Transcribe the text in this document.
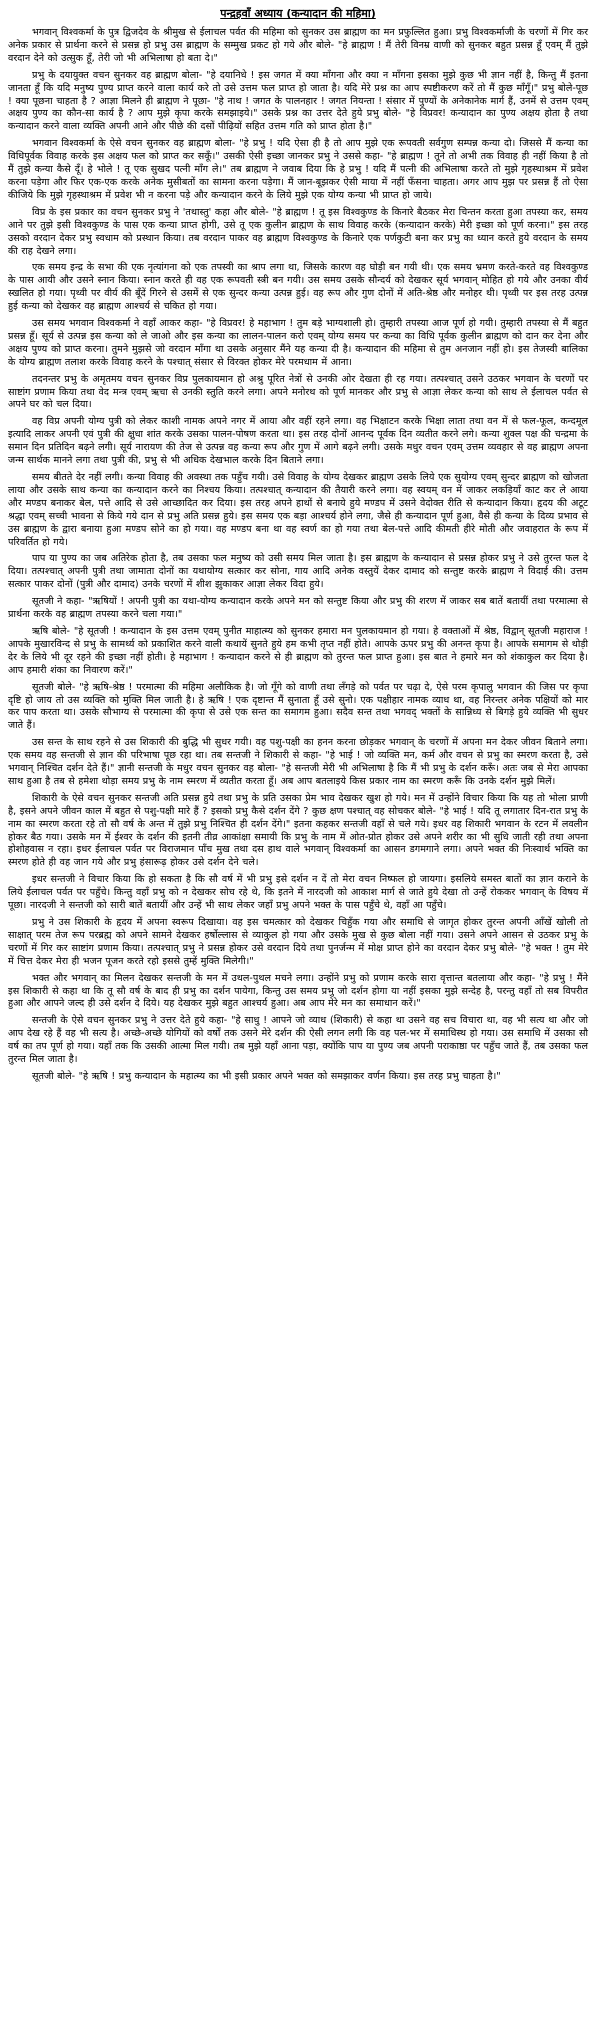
पन्द्रहवाँ अध्याय (कन्यादान की महिमा)

भगवान् विश्वकर्मा के पुत्र द्विजदेव के श्रीमुख से ईलाचल पर्वत की महिमा को सुनकर उस ब्राह्मण का मन प्रफुल्लित हुआ। प्रभु विश्वकर्माजी के चरणों में गिर कर अनेक प्रकार से प्रार्थना करने से प्रसन्न हो प्रभु उस ब्राह्मण के सम्मुख प्रकट हो गये और बोले- "हे ब्राह्मण ! मैं तेरी विनम्र वाणी को सुनकर बहुत प्रसन्न हूँ एवम् मैं तुझे वरदान देने को उत्सुक हूँ, तेरी जो भी अभिलाषा हो बता दे।"

प्रभु के दयायुक्त वचन सुनकर वह ब्राह्मण बोला- "हे दयानिधे ! इस जगत में क्या माँगना और क्या न माँगना इसका मुझे कुछ भी ज्ञान नहीं है, किन्तु मैं इतना जानता हूँ कि यदि मनुष्य पुण्य प्राप्त करने वाला कार्य करे तो उसे उत्तम फल प्राप्त हो जाता है। यदि मेरे प्रश्न का आप स्पष्टीकरण करें तो मैं कुछ माँगूँ।" प्रभु बोले-पूछ ! क्या पूछना चाहता है ? आज्ञा मिलने ही ब्राह्मण ने पूछा- "हे नाथ ! जगत के पालनहार ! जगत नियन्ता ! संसार में पुण्यों के अनेकानेक मार्ग हैं, उनमें से उत्तम एवम् अक्षय पुण्य का कौन-सा कार्य है ? आप मुझे कृपा करके समझाइये।" उसके प्रश्न का उत्तर देते हुये प्रभु बोले- "हे विप्रवर! कन्यादान का पुण्य अक्षय होता है तथा कन्यादान करने वाला व्यक्ति अपनी आने और पीछे की दसों पीढ़ियों सहित उत्तम गति को प्राप्त होता है।"

भगवान विश्वकर्मा के ऐसे वचन सुनकर वह ब्राह्मण बोला- "हे प्रभु ! यदि ऐसा ही है तो आप मुझे एक रूपवती सर्वगुण सम्पन्न कन्या दो। जिससे मैं कन्या का विधिपूर्वक विवाह करके इस अक्षय फल को प्राप्त कर सकूँ।" उसकी ऐसी इच्छा जानकर प्रभु ने उससे कहा- "हे ब्राह्मण ! तूने तो अभी तक विवाह ही नहीं किया है तो मैं तुझे कन्या कैसे दूँ। हे भोले ! तू एक सुखद पत्नी माँग ले।" तब ब्राह्मण ने जवाब दिया कि हे प्रभु ! यदि मैं पत्नी की अभिलाषा करते तो मुझे गृहस्थाश्रम में प्रवेश करना पड़ेगा और फिर एक-एक करके अनेक मुसीबतों का सामना करना पड़ेगा। मैं जान-बूझकर ऐसी माया में नहीं फँसना चाहता। अगर आप मुझ पर प्रसन्न हैं तो ऐसा कीजिये कि मुझे गृहस्थाश्रम में प्रवेश भी न करना पड़े और कन्यादान करने के लिये मुझे एक योग्य कन्या भी प्राप्त हो जाये।

विप्र के इस प्रकार का वचन सुनकर प्रभु ने 'तथास्तु' कहा और बोले- "हे ब्राह्मण ! तू इस विश्वकुण्ड के किनारे बैठकर मेरा चिन्तन करता हुआ तपस्या कर, समय आने पर तुझे इसी विश्वकुण्ड के पास एक कन्या प्राप्त होगी, उसे तू एक कुलीन ब्राह्मण के साथ विवाह करके (कन्यादान करके) मेरी इच्छा को पूर्ण करना।" इस तरह उसको वरदान देकर प्रभु स्वधाम को प्रस्थान किया। तब वरदान पाकर वह ब्राह्मण विश्वकुण्ड के किनारे एक पर्णकुटी बना कर प्रभु का ध्यान करते हुये वरदान के समय की राह देखने लगा।

एक समय इन्द्र के सभा की एक नृत्यांगना को एक तपस्वी का श्राप लगा था, जिसके कारण वह घोड़ी बन गयी थी। एक समय भ्रमण करते-करते वह विश्वकुण्ड के पास आयी और उसने स्नान किया। स्नान करते ही वह एक रूपवती स्त्री बन गयी। उस समय उसके सौन्दर्य को देखकर सूर्य भगवान् मोहित हो गये और उनका वीर्य स्खलित हो गया। पृथ्वी पर वीर्य की बूँदें गिरने से उसमें से एक सुन्दर कन्या उत्पन्न हुई। वह रूप और गुण दोनों में अति-श्रेष्ठ और मनोहर थी। पृथ्वी पर इस तरह उत्पन्न हुई कन्या को देखकर वह ब्राह्मण आश्चर्य से चकित हो गया।

उस समय भगवान विश्वकर्मा ने वहाँ आकर कहा- "हे विप्रवर! हे महाभाग ! तुम बड़े भाग्यशाली हो। तुम्हारी तपस्या आज पूर्ण हो गयी। तुम्हारी तपस्या से मैं बहुत प्रसन्न हूँ। सूर्य से उत्पन्न इस कन्या को ले जाओ और इस कन्या का लालन-पालन करो एवम् योग्य समय पर कन्या का विधि पूर्वक कुलीन ब्राह्मण को दान कर देना और अक्षय पुण्य को प्राप्त करना। तुमने मुझसे जो वरदान माँगा था उसके अनुसार मैंने यह कन्या दी है। कन्यादान की महिमा से तुम अनजान नहीं हो। इस तेजस्वी बालिका के योग्य ब्राह्मण तलाश करके विवाह करने के पश्चात् संसार से विरक्त होकर मेरे परमधाम में आना।

तदनन्तर प्रभु के अमृतमय वचन सुनकर विप्र पुलकायमान हो अश्रु पूरित नेत्रों से उनकी ओर देखता ही रह गया। तत्पश्चात् उसने उठकर भगवान के चरणों पर साष्टांग प्रणाम किया तथा वेद मन्त्र एवम् ऋचा से उनकी स्तुति करने लगा। अपने मनोरथ को पूर्ण मानकर और प्रभु से आज्ञा लेकर कन्या को साथ ले ईलाचल पर्वत से अपने घर को चल दिया।

वह विप्र अपनी योग्य पुत्री को लेकर काशी नामक अपने नगर में आया और वहीं रहने लगा। वह भिक्षाटन करके भिक्षा लाता तथा वन में से फल-फूल, कन्दमूल इत्यादि लाकर अपनी एवं पुत्री की क्षुधा शांत करके उसका पालन-पोषण करता था। इस तरह दोनों आनन्द पूर्वक दिन व्यतीत करने लगे। कन्या शुक्ल पक्ष की चन्द्रमा के समान दिन प्रतिदिन बढ़ने लगी। सूर्य नारायण की तेज से उत्पन्न वह कन्या रूप और गुण में आगे बढ़ने लगी। उसके मधुर वचन एवम् उत्तम व्यवहार से वह ब्राह्मण अपना जन्म सार्थक मानने लगा तथा पुत्री की, प्रभु से भी अधिक देखभाल करके दिन बिताने लगा।

समय बीतते देर नहीं लगी। कन्या विवाह की अवस्था तक पहुँच गयी। उसे विवाह के योग्य देखकर ब्राह्मण उसके लिये एक सुयोग्य एवम् सुन्दर ब्राह्मण को खोजता लाया और उसके साथ कन्या का कन्यादान करने का निश्चय किया। तत्पश्चात् कन्यादान की तैयारी करने लगा। वह स्वयम् वन में जाकर लकड़ियाँ काट कर ले आया और मण्डप बनाकर बेल, पत्ते आदि से उसे आच्छादित कर दिया। इस तरह अपने हाथों से बनाये हुये मण्डप में उसने वेदोक्त रीति से कन्यादान किया। हृदय की अटूट श्रद्धा एवम् सच्ची भावना से किये गये दान से प्रभु अति प्रसन्न हुये। इस समय एक बड़ा आश्चर्य होने लगा, जैसे ही कन्यादान पूर्ण हुआ, वैसे ही कन्या के दिव्य प्रभाव से उस ब्राह्मण के द्वारा बनाया हुआ मण्डप सोने का हो गया। वह मण्डप बना था वह स्वर्ण का हो गया तथा बेल-पत्ते आदि कीमती हीरे मोती और जवाहरात के रूप में परिवर्तित हो गये।

पाप या पुण्य का जब अतिरेक होता है, तब उसका फल मनुष्य को उसी समय मिल जाता है। इस ब्राह्मण के कन्यादान से प्रसन्न होकर प्रभु ने उसे तुरन्त फल दे दिया। तत्पश्चात् अपनी पुत्री तथा जामाता दोनों का यथायोग्य सत्कार कर सोना, गाय आदि अनेक वस्तुयें देकर दामाद को सन्तुष्ट करके ब्राह्मण ने विदाई की। उत्तम सत्कार पाकर दोनों (पुत्री और दामाद) उनके चरणों में शीश झुकाकर आज्ञा लेकर विदा हुये।

सूतजी ने कहा- "ऋषियों ! अपनी पुत्री का यथा-योग्य कन्यादान करके अपने मन को सन्तुष्ट किया और प्रभु की शरण में जाकर सब बातें बतायीं तथा परमात्मा से प्रार्थना करके वह ब्राह्मण तपस्या करने चला गया।"

ऋषि बोले- "हे सूतजी ! कन्यादान के इस उत्तम एवम् पुनीत माहात्म्य को सुनकर हमारा मन पुलकायमान हो गया। हे वक्ताओं में श्रेष्ठ, विद्वान् सूतजी महाराज ! आपके मुखारविन्द से प्रभु के सामर्थ्य को प्रकाशित करने वाली कथायें सुनते हुये हम कभी तृप्त नहीं होते। आपके ऊपर प्रभु की अनन्त कृपा है। आपके समागम से थोड़ी देर के लिये भी दूर रहने की इच्छा नहीं होती। हे महाभाग ! कन्यादान करने से ही ब्राह्मण को तुरन्त फल प्राप्त हुआ। इस बात ने हमारे मन को शंकाकुल कर दिया है। आप हमारी शंका का निवारण करें।"

सूतजी बोले- "हे ऋषि-श्रेष्ठ ! परमात्मा की महिमा अलौकिक है। जो गूँगे को वाणी तथा लँगड़े को पर्वत पर चढ़ा दे, ऐसे परम कृपालु भगवान की जिस पर कृपा दृष्टि हो जाय तो उस व्यक्ति को मुक्ति मिल जाती है। हे ऋषि ! एक दृष्टान्त मैं सुनाता हूँ उसे सुनो। एक पक्षीहार नामक व्याध था, वह निरन्तर अनेक पक्षियों को मार कर पाप करता था। उसके सौभाग्य से परमात्मा की कृपा से उसे एक सन्त का समागम हुआ। सदैव सन्त तथा भगवद् भक्तों के सान्निध्य से बिगड़े हुये व्यक्ति भी सुधर जाते हैं।

उस सन्त के साथ रहने से उस शिकारी की बुद्धि भी सुधर गयी। वह पशु-पक्षी का हनन करना छोड़कर भगवान् के चरणों में अपना मन देकर जीवन बिताने लगा। एक समय वह सन्तजी से ज्ञान की परिभाषा पूछ रहा था। तब सन्तजी ने शिकारी से कहा- "हे भाई ! जो व्यक्ति मन, कर्म और वचन से प्रभु का स्मरण करता है, उसे भगवान् निश्चित दर्शन देते हैं।" ज्ञानी सन्तजी के मधुर वचन सुनकर वह बोला- "हे सन्तजी मेरी भी अभिलाषा है कि मैं भी प्रभु के दर्शन करूँ। अतः जब से मेरा आपका साथ हुआ है तब से हमेशा थोड़ा समय प्रभु के नाम स्मरण में व्यतीत करता हूँ। अब आप बतलाइये किस प्रकार नाम का स्मरण करूँ कि उनके दर्शन मुझे मिलें।

शिकारी के ऐसे वचन सुनकर सन्तजी अति प्रसन्न हुये तथा प्रभु के प्रति उसका प्रेम भाव देखकर खुश हो गये। मन में उन्होंने विचार किया कि यह तो भोला प्राणी है, इसने अपने जीवन काल में बहुत से पशु-पक्षी मारे हैं ? इसको प्रभु कैसे दर्शन देंगे ? कुछ क्षण पश्चात् वह सोचकर बोले- "हे भाई ! यदि तू लगातार दिन-रात प्रभु के नाम का स्मरण करता रहे तो सौ वर्ष के अन्त में तुझे प्रभु निश्चित ही दर्शन देंगे।" इतना कहकर सन्तजी वहाँ से चले गये। इधर वह शिकारी भगवान के रटन में लवलीन होकर बैठ गया। उसके मन में ईश्वर के दर्शन की इतनी तीव्र आकांक्षा समायी कि प्रभु के नाम में ओत-प्रोत होकर उसे अपने शरीर का भी सुधि जाती रही तथा अपना होशोहवास न रहा। इधर ईलाचल पर्वत पर विराजमान पाँच मुख तथा दस हाथ वाले भगवान् विश्वकर्मा का आसन डगमगाने लगा। अपने भक्त की निःस्वार्थ भक्ति का स्मरण होते ही वह जान गये और प्रभु हंसारूढ़ होकर उसे दर्शन देने चले।

इधर सन्तजी ने विचार किया कि हो सकता है कि सौ वर्ष में भी प्रभु इसे दर्शन न दें तो मेरा वचन निष्फल हो जायगा। इसलिये समस्त बातों का ज्ञान कराने के लिये ईलाचल पर्वत पर पहुँचे। किन्तु वहाँ प्रभु को न देखकर सोच रहे थे, कि इतने में नारदजी को आकाश मार्ग से जाते हुये देखा तो उन्हें रोककर भगवान् के विषय में पूछा। नारदजी ने सन्तजी को सारी बातें बतायीं और उन्हें भी साथ लेकर जहाँ प्रभु अपने भक्त के पास पहुँचे थे, वहाँ आ पहुँचे।

प्रभु ने उस शिकारी के हृदय में अपना स्वरूप दिखाया। वह इस चमत्कार को देखकर चिहुँक गया और समाधि से जागृत होकर तुरन्त अपनी आँखें खोली तो साक्षात् परम तेज रूप परब्रह्म को अपने सामने देखकर हर्षोल्लास से व्याकुल हो गया और उसके मुख से कुछ बोला नहीं गया। उसने अपने आसन से उठकर प्रभु के चरणों में गिर कर साष्टांग प्रणाम किया। तत्पश्चात् प्रभु ने प्रसन्न होकर उसे वरदान दिये तथा पुनर्जन्म में मोक्ष प्राप्त होने का वरदान देकर प्रभु बोले- "हे भक्त ! तुम मेरे में चित्त देकर मेरा ही भजन पूजन करते रहो इससे तुम्हें मुक्ति मिलेगी।"

भक्त और भगवान् का मिलन देखकर सन्तजी के मन में उथल-पुथल मचने लगा। उन्होंने प्रभु को प्रणाम करके सारा वृत्तान्त बतलाया और कहा- "हे प्रभु ! मैंने इस शिकारी से कहा था कि तू सौ वर्ष के बाद ही प्रभु का दर्शन पायेगा, किन्तु उस समय प्रभु जो दर्शन होगा या नहीं इसका मुझे सन्देह है, परन्तु वहाँ तो सब विपरीत हुआ और आपने जल्द ही उसे दर्शन दे दिये। यह देखकर मुझे बहुत आश्चर्य हुआ। अब आप मेरे मन का समाधान करें।"

सन्तजी के ऐसे वचन सुनकर प्रभु ने उत्तर देते हुये कहा- "हे साधु ! आपने जो व्याध (शिकारी) से कहा था उसने वह सच विचारा था, वह भी सत्य था और जो आप देख रहे हैं वह भी सत्य है। अच्छे-अच्छे योगियों को वर्षों तक उसने मेरे दर्शन की ऐसी लगन लगी कि वह पल-भर में समाधिस्थ हो गया। उस समाधि में उसका सौ वर्ष का तप पूर्ण हो गया। यहाँ तक कि उसकी आत्मा मिल गयी। तब मुझे यहाँ आना पड़ा, क्योंकि पाप या पुण्य जब अपनी पराकाष्ठा पर पहुँच जाते हैं, तब उसका फल तुरन्त मिल जाता है।

सूतजी बोले- "हे ऋषि ! प्रभु कन्यादान के महात्म्य का भी इसी प्रकार अपने भक्त को समझाकर वर्णन किया। इस तरह प्रभु चाहता है।"
